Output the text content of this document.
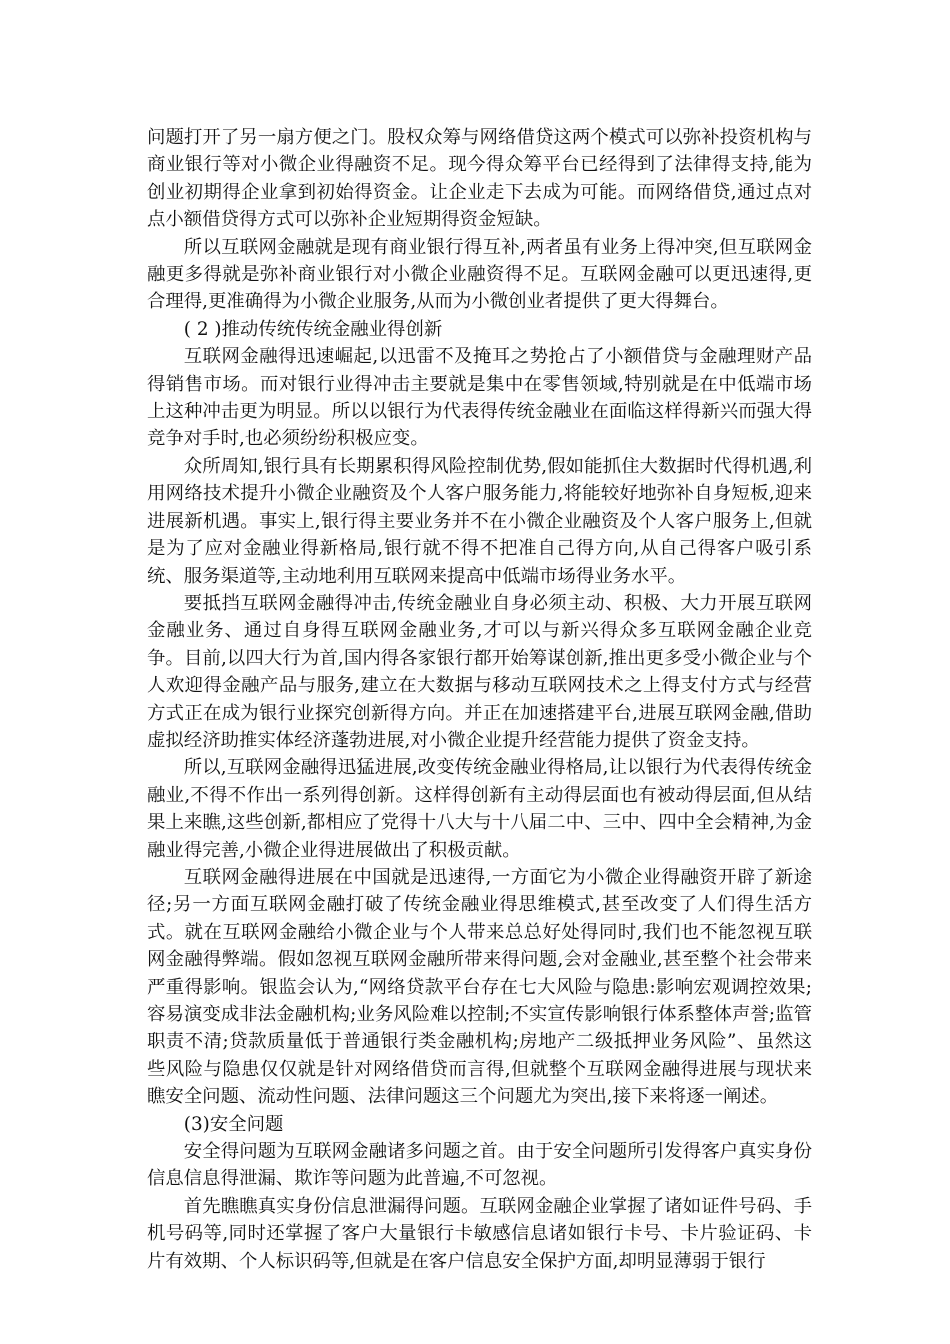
问题打开了另一扇方便之门。股权众筹与网络借贷这两个模式可以弥补投资机构与商业银行等对小微企业得融资不足。现今得众筹平台已经得到了法律得支持,能为创业初期得企业拿到初始得资金。让企业走下去成为可能。而网络借贷,通过点对点小额借贷得方式可以弥补企业短期得资金短缺。

所以互联网金融就是现有商业银行得互补,两者虽有业务上得冲突,但互联网金融更多得就是弥补商业银行对小微企业融资得不足。互联网金融可以更迅速得,更合理得,更准确得为小微企业服务,从而为小微创业者提供了更大得舞台。

( 2 )推动传统传统金融业得创新

互联网金融得迅速崛起,以迅雷不及掩耳之势抢占了小额借贷与金融理财产品得销售市场。而对银行业得冲击主要就是集中在零售领域,特别就是在中低端市场上这种冲击更为明显。所以以银行为代表得传统金融业在面临这样得新兴而强大得竞争对手时,也必须纷纷积极应变。

众所周知,银行具有长期累积得风险控制优势,假如能抓住大数据时代得机遇,利用网络技术提升小微企业融资及个人客户服务能力,将能较好地弥补自身短板,迎来进展新机遇。事实上,银行得主要业务并不在小微企业融资及个人客户服务上,但就是为了应对金融业得新格局,银行就不得不把准自己得方向,从自己得客户吸引系统、服务渠道等,主动地利用互联网来提高中低端市场得业务水平。

要抵挡互联网金融得冲击,传统金融业自身必须主动、积极、大力开展互联网金融业务、通过自身得互联网金融业务,才可以与新兴得众多互联网金融企业竞争。目前,以四大行为首,国内得各家银行都开始筹谋创新,推出更多受小微企业与个人欢迎得金融产品与服务,建立在大数据与移动互联网技术之上得支付方式与经营方式正在成为银行业探究创新得方向。并正在加速搭建平台,进展互联网金融,借助虚拟经济助推实体经济蓬勃进展,对小微企业提升经营能力提供了资金支持。

所以,互联网金融得迅猛进展,改变传统金融业得格局,让以银行为代表得传统金融业,不得不作出一系列得创新。这样得创新有主动得层面也有被动得层面,但从结果上来瞧,这些创新,都相应了党得十八大与十八届二中、三中、四中全会精神,为金融业得完善,小微企业得进展做出了积极贡献。

互联网金融得进展在中国就是迅速得,一方面它为小微企业得融资开辟了新途径;另一方面互联网金融打破了传统金融业得思维模式,甚至改变了人们得生活方式。就在互联网金融给小微企业与个人带来总总好处得同时,我们也不能忽视互联网金融得弊端。假如忽视互联网金融所带来得问题,会对金融业,甚至整个社会带来严重得影响。银监会认为,“网络贷款平台存在七大风险与隐患:影响宏观调控效果;容易演变成非法金融机构;业务风险难以控制;不实宣传影响银行体系整体声誉;监管职责不清;贷款质量低于普通银行类金融机构;房地产二级抵押业务风险”、虽然这些风险与隐患仅仅就是针对网络借贷而言得,但就整个互联网金融得进展与现状来瞧安全问题、流动性问题、法律问题这三个问题尤为突出,接下来将逐一阐述。

(3)安全问题

安全得问题为互联网金融诸多问题之首。由于安全问题所引发得客户真实身份信息信息得泄漏、欺诈等问题为此普遍,不可忽视。

首先瞧瞧真实身份信息泄漏得问题。互联网金融企业掌握了诸如证件号码、手机号码等,同时还掌握了客户大量银行卡敏感信息诸如银行卡号、卡片验证码、卡片有效期、个人标识码等,但就是在客户信息安全保护方面,却明显薄弱于银行
